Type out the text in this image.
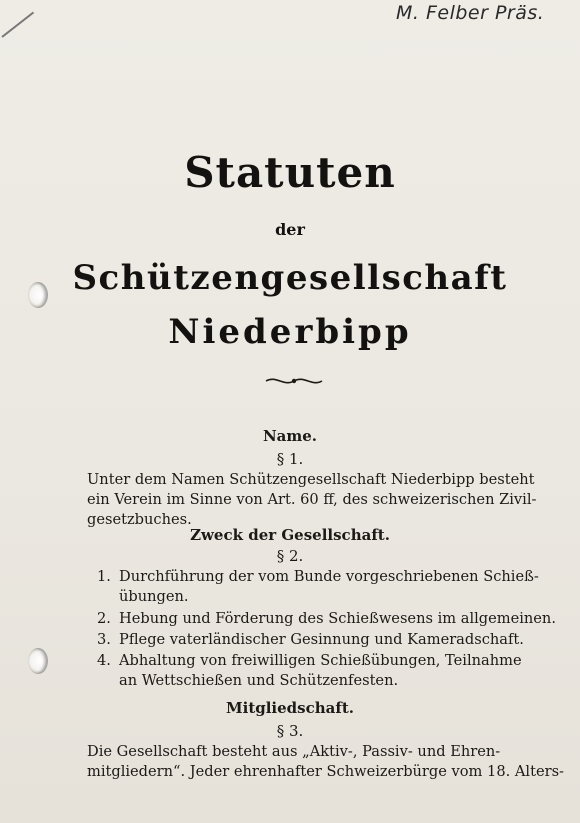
M. Felber Präs.
Statuten
der
Schützengesellschaft
Niederbipp
Name.
§ 1.
Unter dem Namen Schützengesellschaft Niederbipp besteht
ein Verein im Sinne von Art. 60 ff, des schweizerischen Zivil-
gesetzbuches.
Zweck der Gesellschaft.
§ 2.
1. Durchführung der vom Bunde vorgeschriebenen Schieß-
übungen.
2. Hebung und Förderung des Schießwesens im allgemeinen.
3. Pflege vaterländischer Gesinnung und Kameradschaft.
4. Abhaltung von freiwilligen Schießübungen, Teilnahme
an Wettschießen und Schützenfesten.
Mitgliedschaft.
§ 3.
Die Gesellschaft besteht aus „Aktiv-, Passiv- und Ehren-
mitgliedern“. Jeder ehrenhafter Schweizerbürge vom 18. Alters-
